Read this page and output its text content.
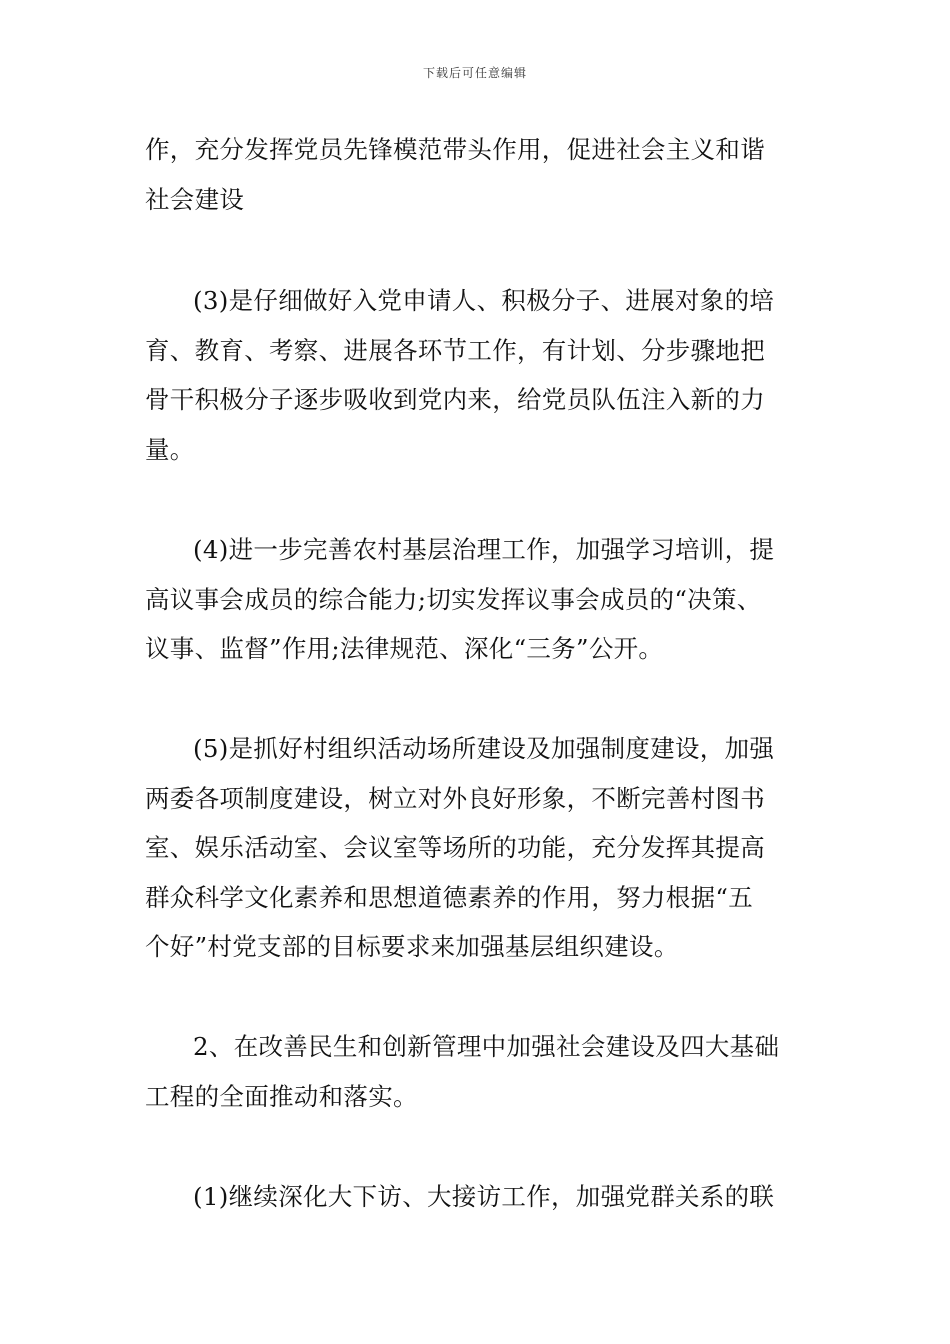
下载后可任意编辑
作，充分发挥党员先锋模范带头作用，促进社会主义和谐
社会建设
(3)是仔细做好入党申请人、积极分子、进展对象的培
育、教育、考察、进展各环节工作，有计划、分步骤地把
骨干积极分子逐步吸收到党内来，给党员队伍注入新的力
量。
(4)进一步完善农村基层治理工作，加强学习培训，提
高议事会成员的综合能力;切实发挥议事会成员的“决策、
议事、监督”作用;法律规范、深化“三务”公开。
(5)是抓好村组织活动场所建设及加强制度建设，加强
两委各项制度建设，树立对外良好形象，不断完善村图书
室、娱乐活动室、会议室等场所的功能，充分发挥其提高
群众科学文化素养和思想道德素养的作用，努力根据“五
个好”村党支部的目标要求来加强基层组织建设。
2、在改善民生和创新管理中加强社会建设及四大基础
工程的全面推动和落实。
(1)继续深化大下访、大接访工作，加强党群关系的联
